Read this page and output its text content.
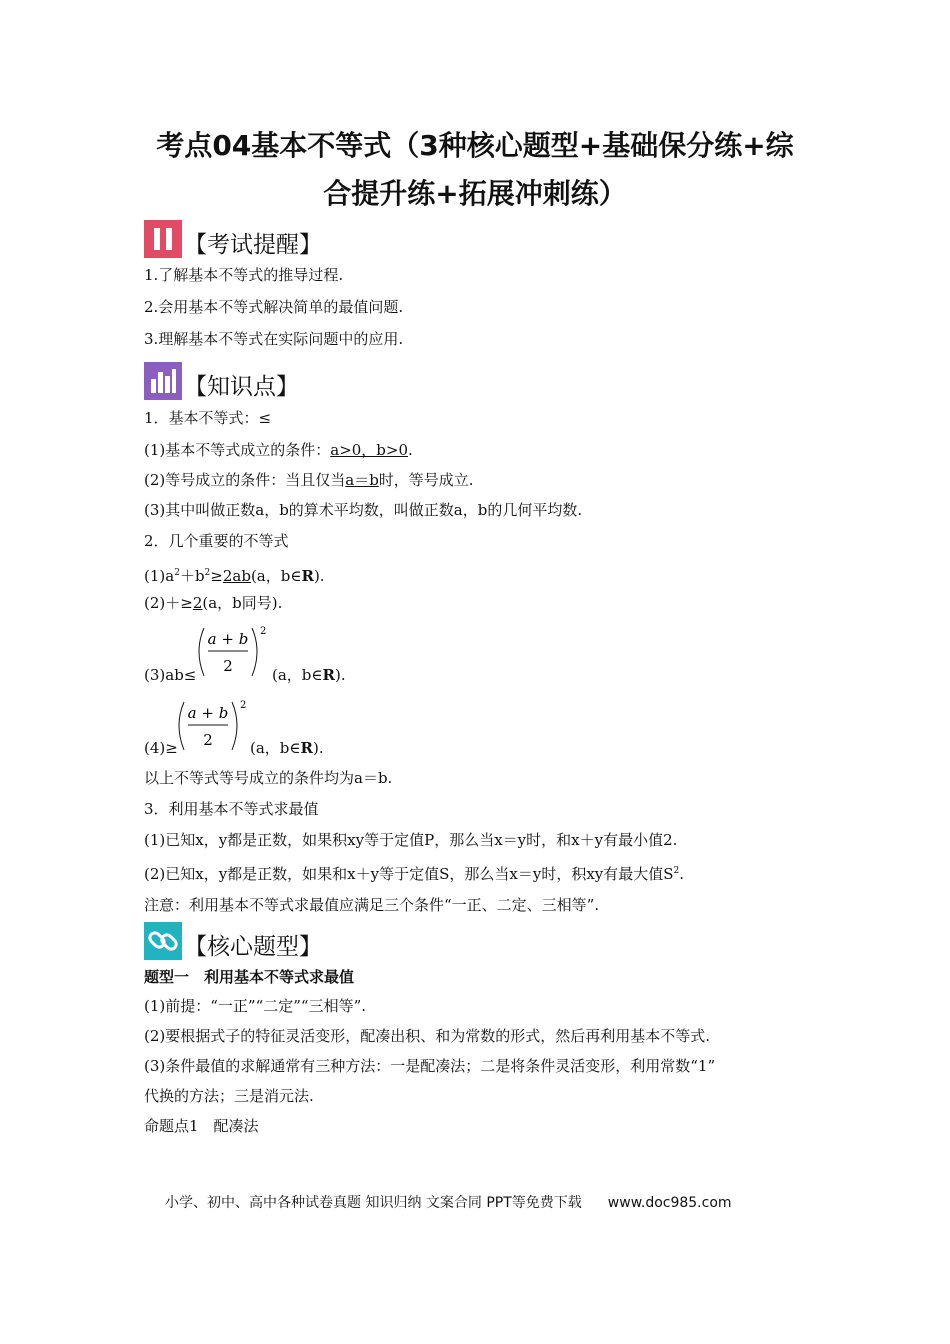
考点04基本不等式（3种核心题型+基础保分练+综
合提升练+拓展冲刺练）
【考试提醒】
1.了解基本不等式的推导过程.
2.会用基本不等式解决简单的最值问题.
3.理解基本不等式在实际问题中的应用.
【知识点】
1．基本不等式：≤
(1)基本不等式成立的条件：a>0，b>0.
(2)等号成立的条件：当且仅当a＝b时，等号成立.
(3)其中叫做正数a，b的算术平均数，叫做正数a，b的几何平均数.
2．几个重要的不等式
$(1)a^2+b^2\ge 2ab(a$，b∈R).
(2)＋≥2(a，b同号).
(3)ab≤
a + b
2
2
(a，b∈R).
(4)≥
a + b
2
2
(a，b∈R).
以上不等式等号成立的条件均为a＝b.
3．利用基本不等式求最值
(1)已知x，y都是正数，如果积xy等于定值P，那么当x＝y时，和x＋y有最小值2.
(2)已知x，y都是正数，如果和x＋y等于定值S，那么当x＝y时，积xy有最大值$S^2$.
注意：利用基本不等式求最值应满足三个条件“一正、二定、三相等”.
【核心题型】
题型一　利用基本不等式求最值
(1)前提：“一正”“二定”“三相等”.
(2)要根据式子的特征灵活变形，配凑出积、和为常数的形式，然后再利用基本不等式.
(3)条件最值的求解通常有三种方法：一是配凑法；二是将条件灵活变形，利用常数“1”
代换的方法；三是消元法.
命题点1　配凑法
小学、初中、高中各种试卷真题 知识归纳 文案合同 PPT等免费下载 www.doc985.com
